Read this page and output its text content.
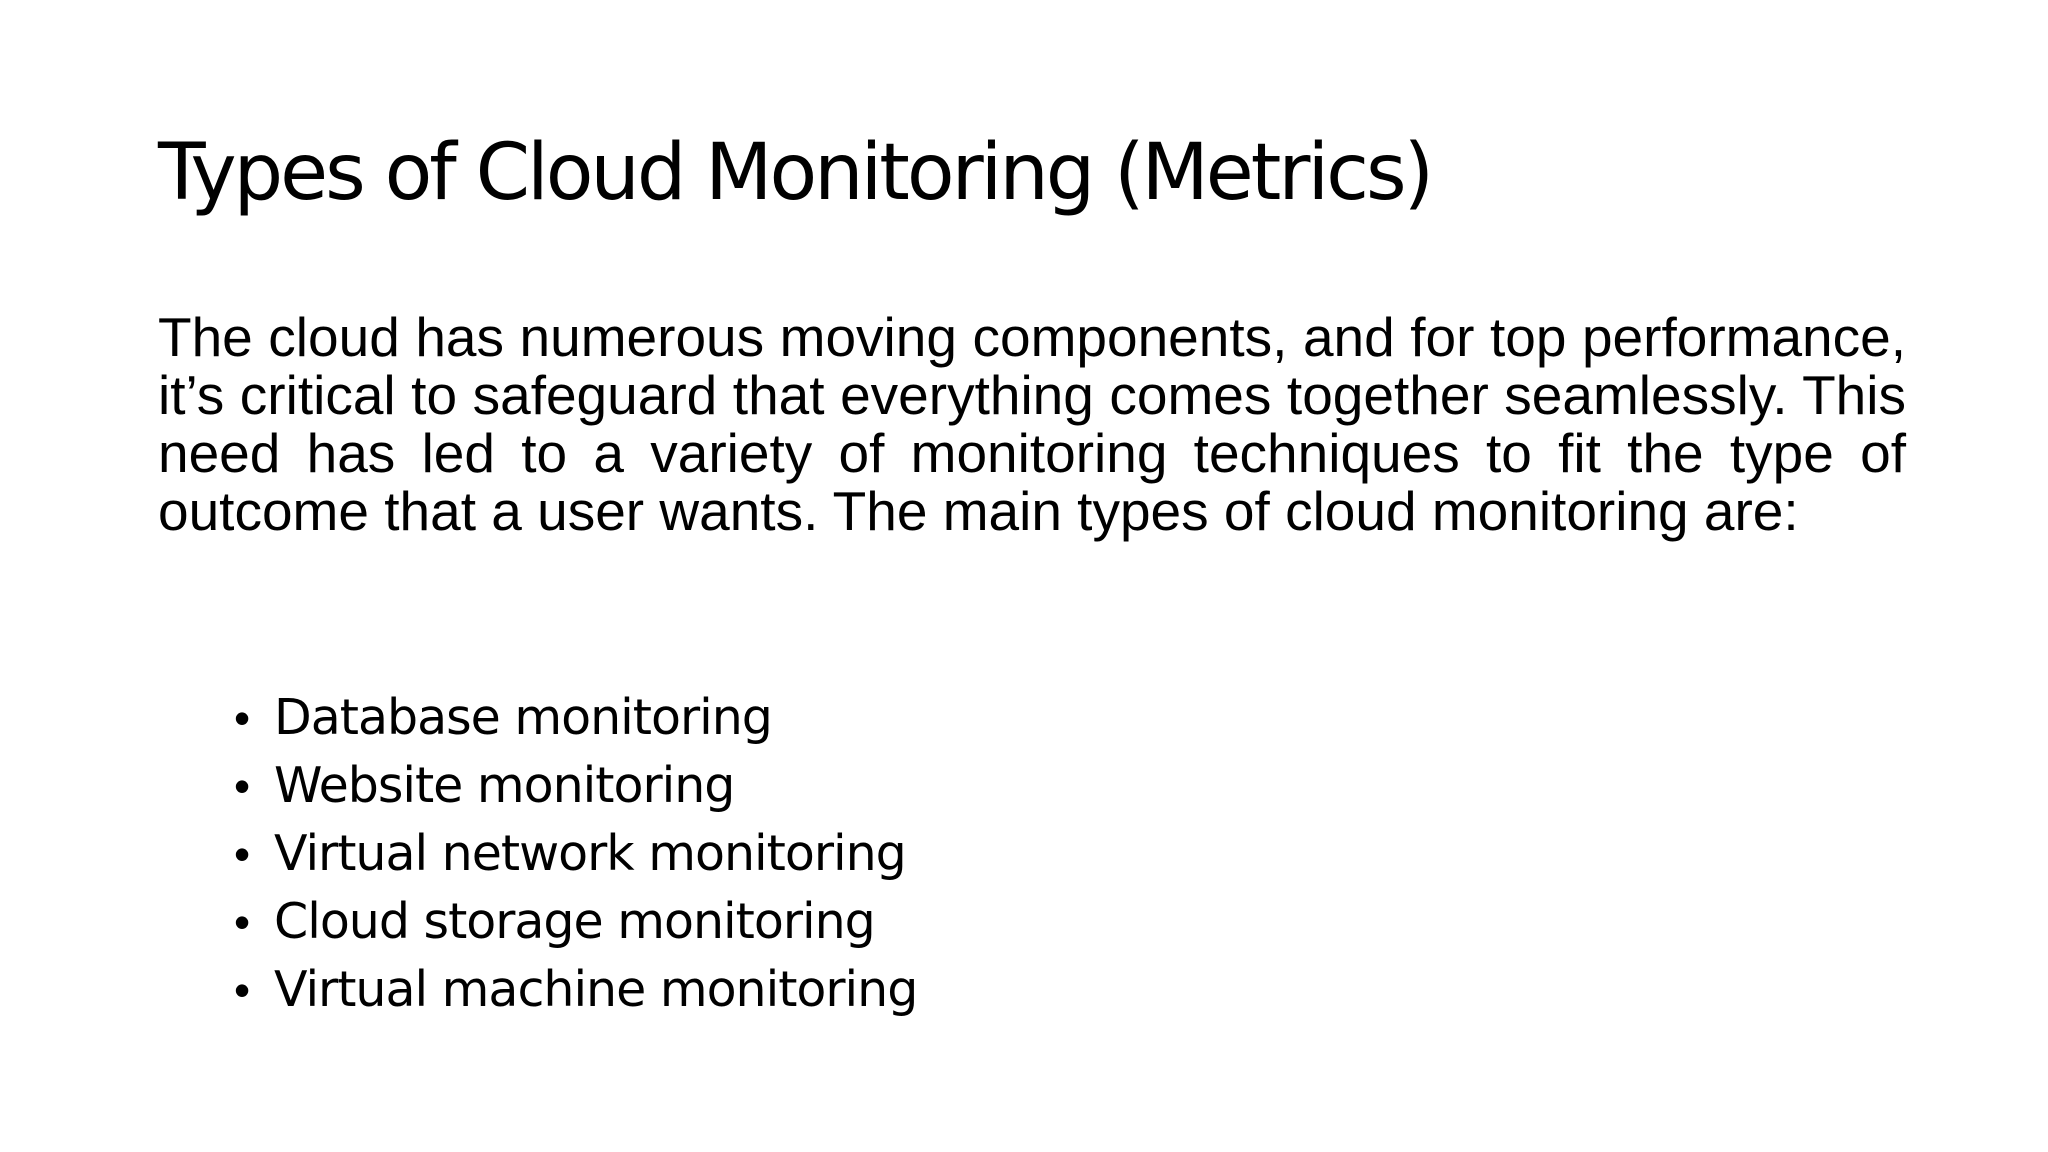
Types of Cloud Monitoring (Metrics)

The cloud has numerous moving components, and for top performance, it’s critical to safeguard that everything comes together seamlessly. This need has led to a variety of monitoring techniques to fit the type of outcome that a user wants. The main types of cloud monitoring are:

• Database monitoring
• Website monitoring
• Virtual network monitoring
• Cloud storage monitoring
• Virtual machine monitoring
